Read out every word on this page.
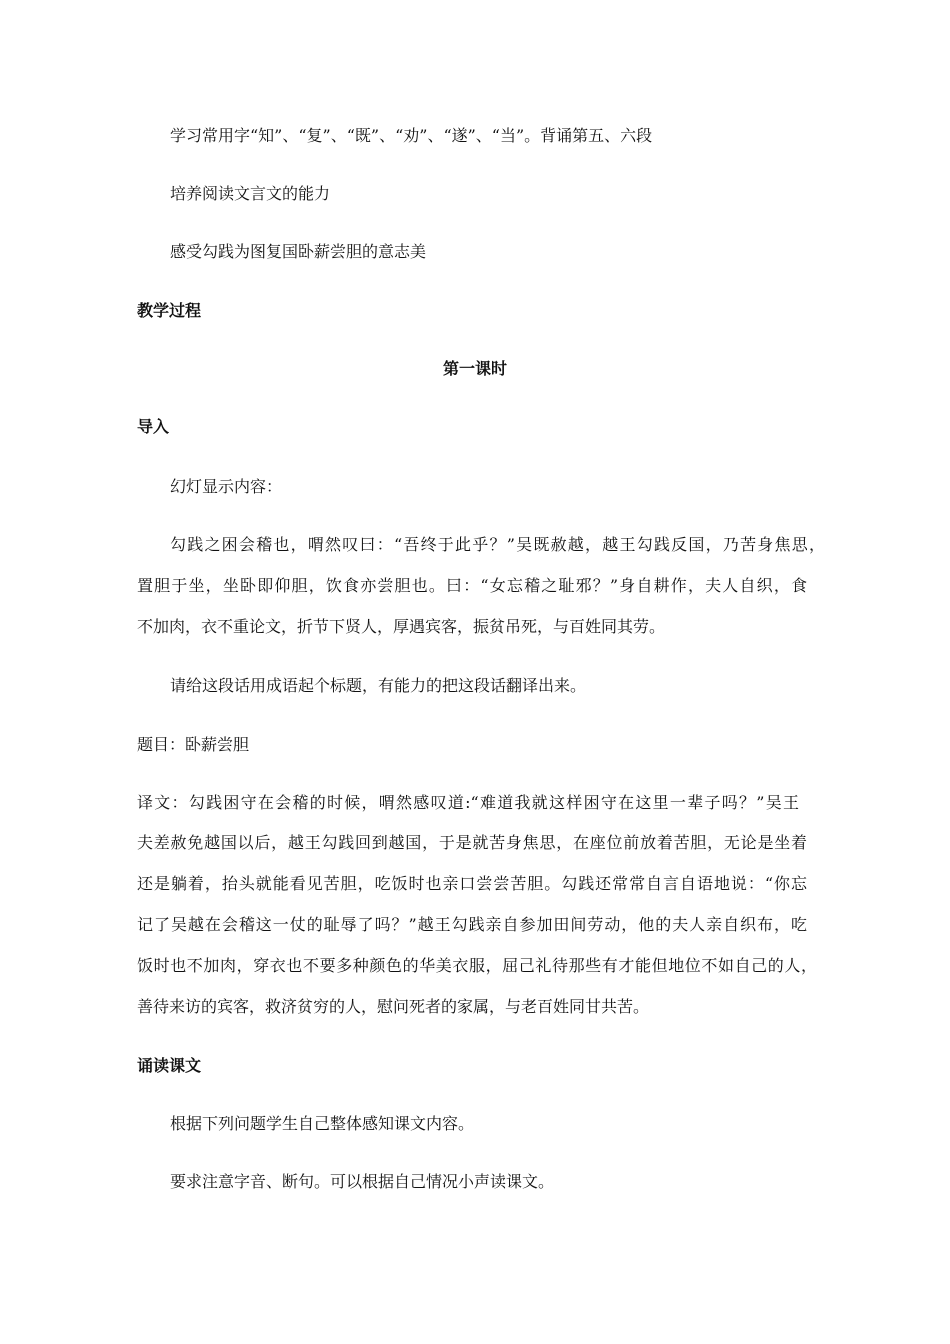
学习常用字“知”、“复”、“既”、“劝”、“遂”、“当”。背诵第五、六段
培养阅读文言文的能力
感受勾践为图复国卧薪尝胆的意志美
教学过程
第一课时
导入
幻灯显示内容：
勾践之困会稽也，喟然叹曰：“吾终于此乎？”吴既赦越，越王勾践反国，乃苦身焦思，
置胆于坐，坐卧即仰胆，饮食亦尝胆也。曰：“女忘稽之耻邪？”身自耕作，夫人自织，食
不加肉，衣不重论文，折节下贤人，厚遇宾客，振贫吊死，与百姓同其劳。
请给这段话用成语起个标题，有能力的把这段话翻译出来。
题目：卧薪尝胆
译文：勾践困守在会稽的时候，喟然感叹道:“难道我就这样困守在这里一辈子吗？”吴王
夫差赦免越国以后，越王勾践回到越国，于是就苦身焦思，在座位前放着苦胆，无论是坐着
还是躺着，抬头就能看见苦胆，吃饭时也亲口尝尝苦胆。勾践还常常自言自语地说：“你忘
记了吴越在会稽这一仗的耻辱了吗？”越王勾践亲自参加田间劳动，他的夫人亲自织布，吃
饭时也不加肉，穿衣也不要多种颜色的华美衣服，屈己礼待那些有才能但地位不如自己的人，
善待来访的宾客，救济贫穷的人，慰问死者的家属，与老百姓同甘共苦。
诵读课文
根据下列问题学生自己整体感知课文内容。
要求注意字音、断句。可以根据自己情况小声读课文。
